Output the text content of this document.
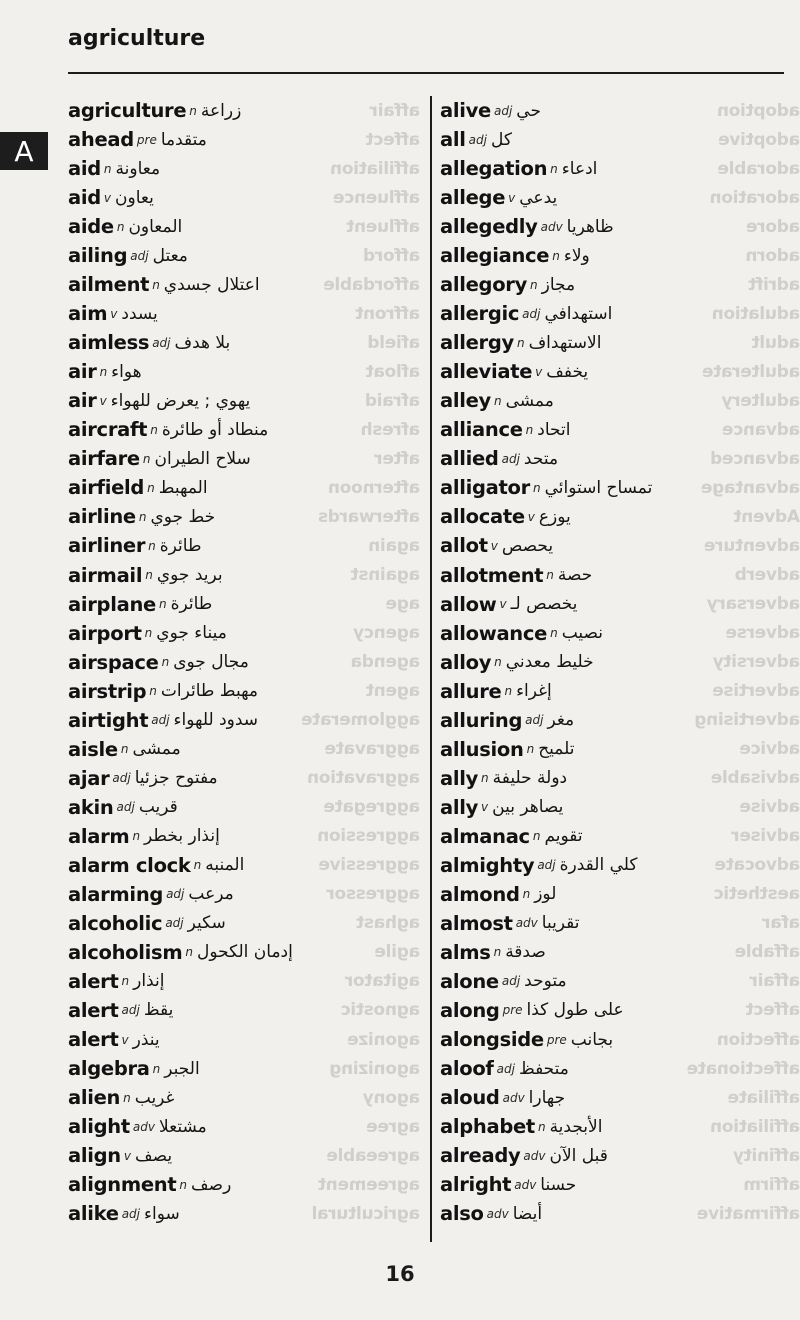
agriculture
A
affair
affect
affiliation
affluence
affluent
afford
affordable
affront
afield
afloat
afraid
afresh
after
afternoon
afterwards
again
against
age
agency
agenda
agent
agglomerate
aggravate
aggravation
aggregate
aggression
aggressive
aggressor
aghast
agile
agitator
agnostic
agonize
agonizing
agony
agree
agreeable
agreement
agricultural
adoption
adoptive
adorable
adoration
adore
adorn
adrift
adulation
adult
adulterate
adultery
advance
advanced
advantage
Advent
adventure
adverb
adversary
adverse
adversity
advertise
advertising
advice
advisable
advise
adviser
advocate
aesthetic
afar
affable
affair
affect
affection
affectionate
affiliate
affiliation
affinity
affirm
affirmative
agriculture n زراعة
ahead pre متقدما
aid n معاونة
aid v يعاون
aide n المعاون
ailing adj معتل
ailment n اعتلال جسدي
aim v يسدد
aimless adj بلا هدف
air n هواء
air v يهوي ; يعرض للهواء
aircraft n منطاد أو طائرة
airfare n سلاح الطيران
airfield n المهبط
airline n خط جوي
airliner n طائرة
airmail n بريد جوي
airplane n طائرة
airport n ميناء جوي
airspace n مجال جوى
airstrip n مهبط طائرات
airtight adj سدود للهواء
aisle n ممشى
ajar adj مفتوح جزئيا
akin adj قريب
alarm n إنذار بخطر
alarm clock n المنبه
alarming adj مرعب
alcoholic adj سكير
alcoholism n إدمان الكحول
alert n إنذار
alert adj يقظ
alert v ينذر
algebra n الجبر
alien n غريب
alight adv مشتعلا
align v يصف
alignment n رصف
alike adj سواء
alive adj حي
all adj كل
allegation n ادعاء
allege v يدعي
allegedly adv ظاهريا
allegiance n ولاء
allegory n مجاز
allergic adj استهدافي
allergy n الاستهداف
alleviate v يخفف
alley n ممشى
alliance n اتحاد
allied adj متحد
alligator n تمساح استوائي
allocate v يوزع
allot v يحصص
allotment n حصة
allow v يخصص لـ
allowance n نصيب
alloy n خليط معدني
allure n إغراء
alluring adj مغر
allusion n تلميح
ally n دولة حليفة
ally v يصاهر بين
almanac n تقويم
almighty adj كلي القدرة
almond n لوز
almost adv تقريبا
alms n صدقة
alone adj متوحد
along pre على طول كذا
alongside pre بجانب
aloof adj متحفظ
aloud adv جهارا
alphabet n الأبجدية
already adv قبل الآن
alright adv حسنا
also adv أيضا

16
